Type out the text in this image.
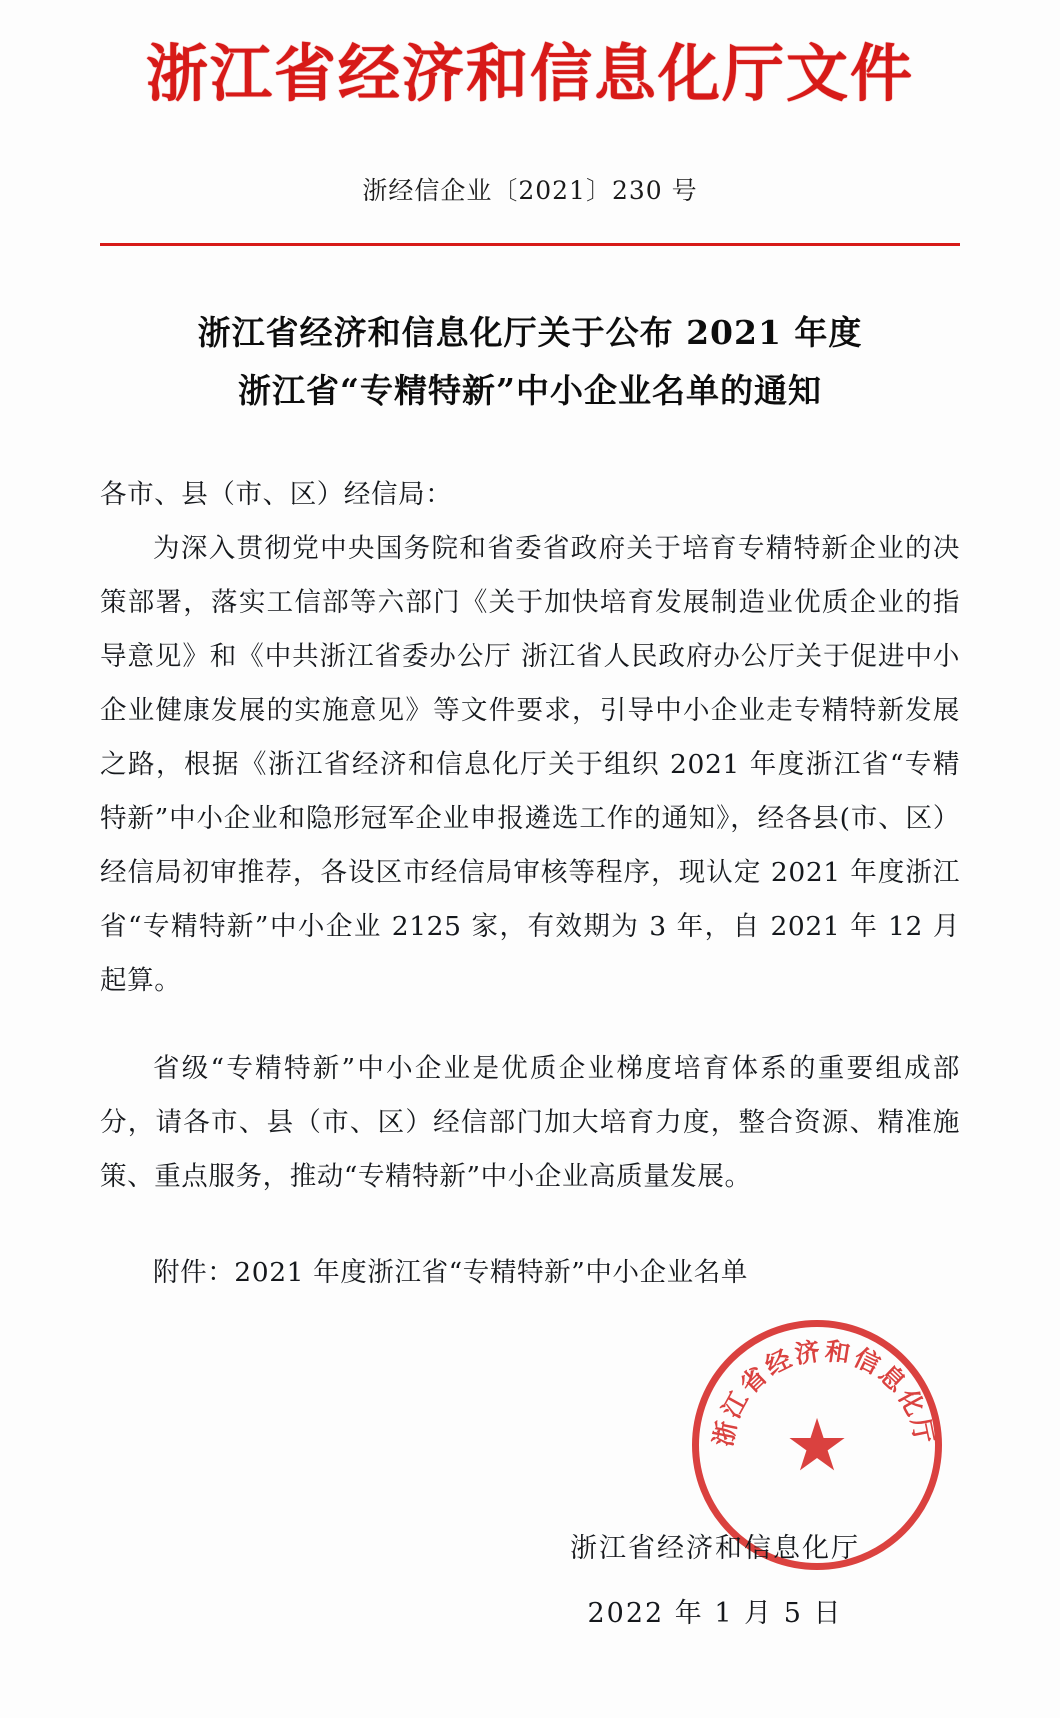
浙江省经济和信息化厅文件
浙经信企业〔2021〕230 号
浙江省经济和信息化厅关于公布 2021 年度
浙江省“专精特新”中小企业名单的通知

各市、县（市、区）经信局：

为深入贯彻党中央国务院和省委省政府关于培育专精特新企业的决策部署，落实工信部等六部门《关于加快培育发展制造业优质企业的指导意见》和《中共浙江省委办公厅 浙江省人民政府办公厅关于促进中小企业健康发展的实施意见》等文件要求，引导中小企业走专精特新发展之路，根据《浙江省经济和信息化厅关于组织 2021 年度浙江省“专精特新”中小企业和隐形冠军企业申报遴选工作的通知》，经各县(市、区）经信局初审推荐，各设区市经信局审核等程序，现认定 2021 年度浙江省“专精特新”中小企业 2125 家，有效期为 3 年，自 2021 年 12 月起算。

省级“专精特新”中小企业是优质企业梯度培育体系的重要组成部分，请各市、县（市、区）经信部门加大培育力度，整合资源、精准施策、重点服务，推动“专精特新”中小企业高质量发展。

附件：2021 年度浙江省“专精特新”中小企业名单

浙江省经济和信息化厅
★
浙江省经济和信息化厅
2022 年 1 月 5 日
